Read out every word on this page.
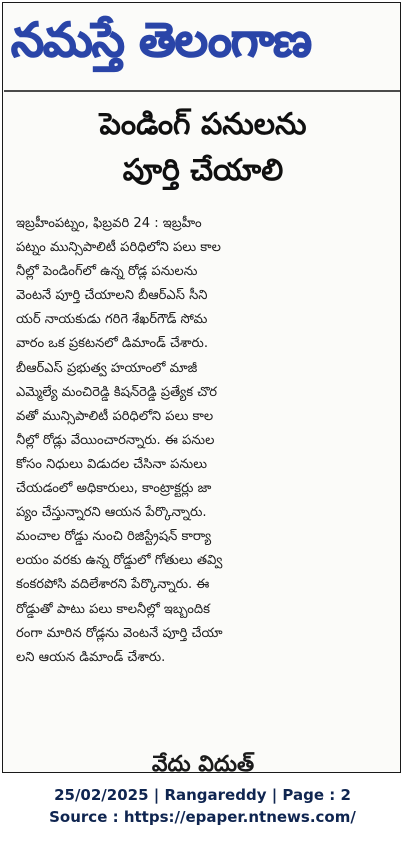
నమస్తే తెలంగాణ
పెండింగ్ పనులను
పూర్తి చేయాలి
ఇబ్రహీంపట్నం, ఫిబ్రవరి 24 : ఇబ్రహీం
పట్నం మున్సిపాలిటీ పరిధిలోని పలు కాల
నీల్లో పెండింగ్‌లో ఉన్న రోడ్ల పనులను
వెంటనే పూర్తి చేయాలని బీఆర్‌ఎస్ సీని
యర్ నాయకుడు గరిగె శేఖర్‌గౌడ్ సోమ
వారం ఒక ప్రకటనలో డిమాండ్ చేశారు.
బీఆర్‌ఎస్ ప్రభుత్వ హయాంలో మాజీ
ఎమ్మెల్యే మంచిరెడ్డి కిషన్‌రెడ్డి ప్రత్యేక చొర
వతో మున్సిపాలిటీ పరిధిలోని పలు కాల
నీల్లో రోడ్లు వేయించారన్నారు. ఈ పనుల
కోసం నిధులు విడుదల చేసినా పనులు
చేయడంలో అధికారులు, కాంట్రాక్టర్లు జా
ప్యం చేస్తున్నారని ఆయన పేర్కొన్నారు.
మంచాల రోడ్డు నుంచి రిజిస్ట్రేషన్ కార్యా
లయం వరకు ఉన్న రోడ్డులో గోతులు తవ్వి
కంకరపోసి వదిలేశారని పేర్కొన్నారు. ఈ
రోడ్డుతో పాటు పలు కాలనీల్లో ఇబ్బందిక
రంగా మారిన రోడ్లను వెంటనే పూర్తి చేయా
లని ఆయన డిమాండ్ చేశారు.
వేదు విదుత్
25/02/2025 | Rangareddy | Page : 2
Source : https://epaper.ntnews.com/
